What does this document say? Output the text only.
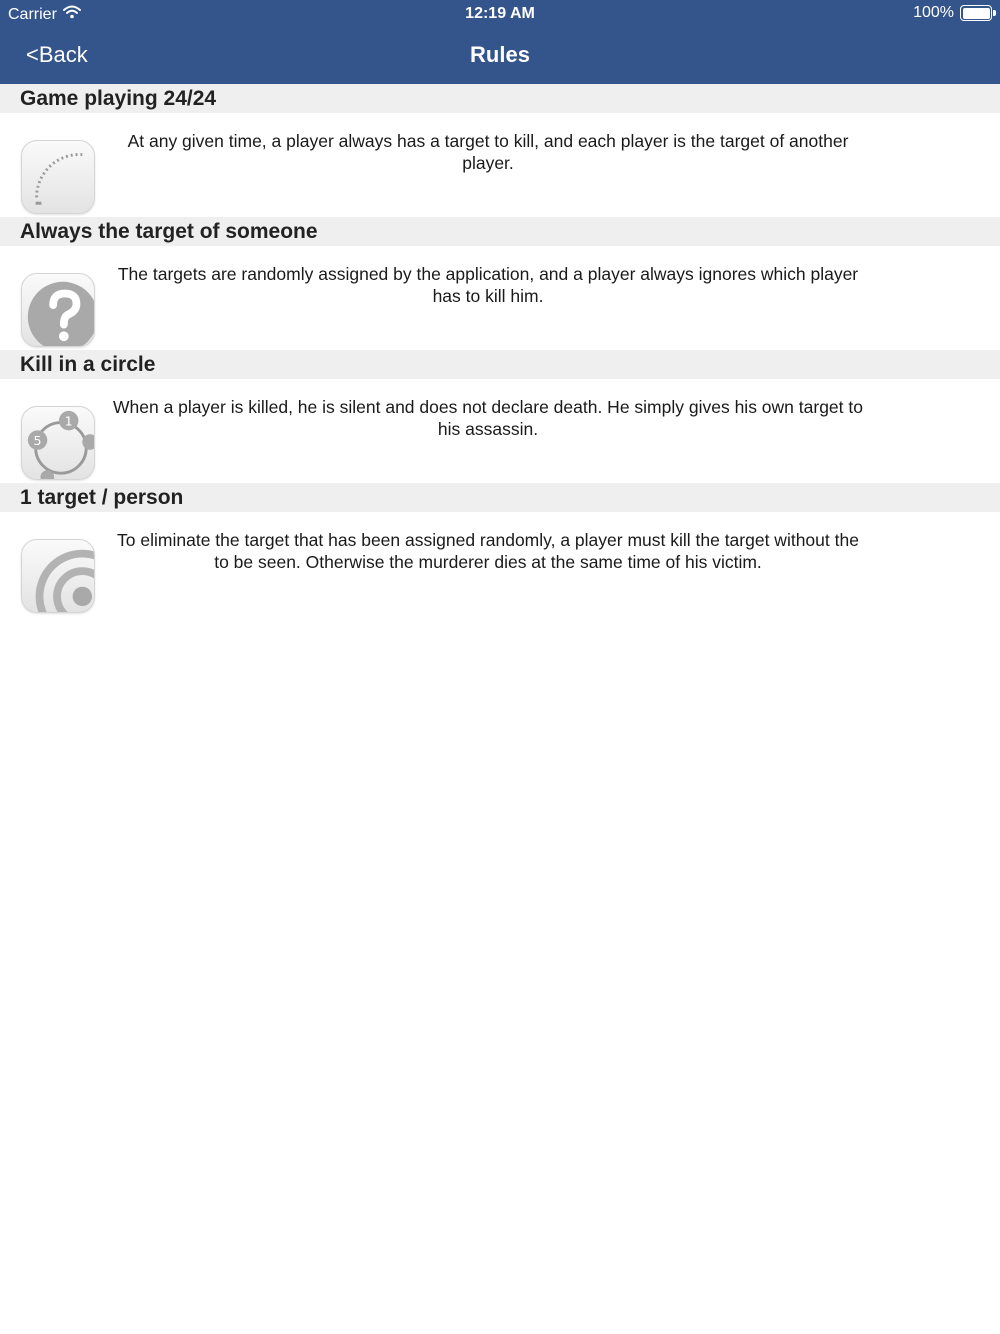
Carrier	12:19 AM	100%
<Back	Rules
Game playing 24/24
At any given time, a player always has a target to kill, and each player is the target of another player.
Always the target of someone
The targets are randomly assigned by the application, and a player always ignores which player has to kill him.
Kill in a circle
1
5
When a player is killed, he is silent and does not declare death. He simply gives his own target to his assassin.
1 target / person
To eliminate the target that has been assigned randomly, a player must kill the target without the to be seen. Otherwise the murderer dies at the same time of his victim.
